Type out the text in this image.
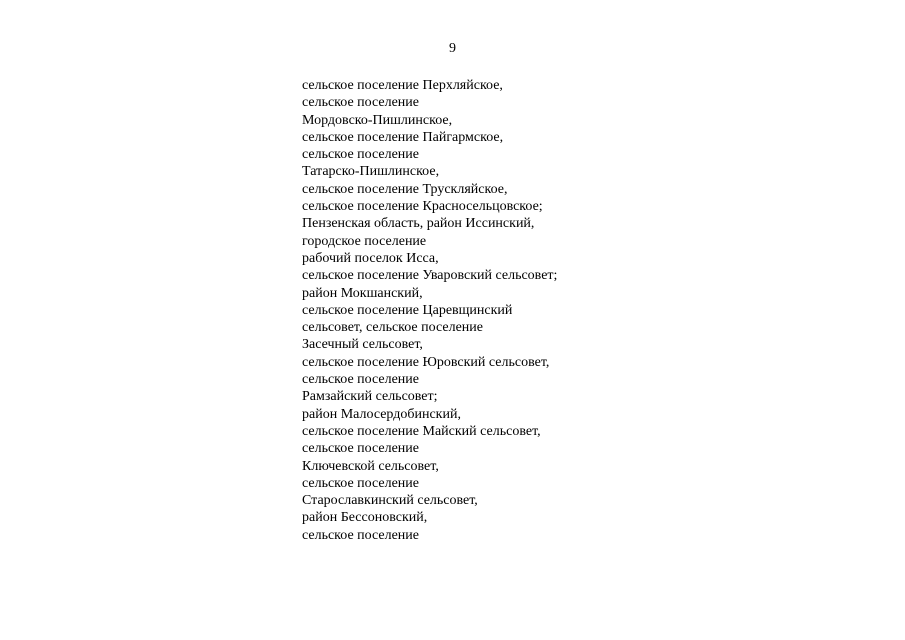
9
сельское поселение Перхляйское,
сельское поселение
Мордовско-Пишлинское,
сельское поселение Пайгармское,
сельское поселение
Татарско-Пишлинское,
сельское поселение Трускляйское,
сельское поселение Красносельцовское;
Пензенская область, район Иссинский,
городское поселение
рабочий поселок Исса,
сельское поселение Уваровский сельсовет;
район Мокшанский,
сельское поселение Царевщинский
сельсовет, сельское поселение
Засечный сельсовет,
сельское поселение Юровский сельсовет,
сельское поселение
Рамзайский сельсовет;
район Малосердобинский,
сельское поселение Майский сельсовет,
сельское поселение
Ключевской сельсовет,
сельское поселение
Старославкинский сельсовет,
район Бессоновский,
сельское поселение
